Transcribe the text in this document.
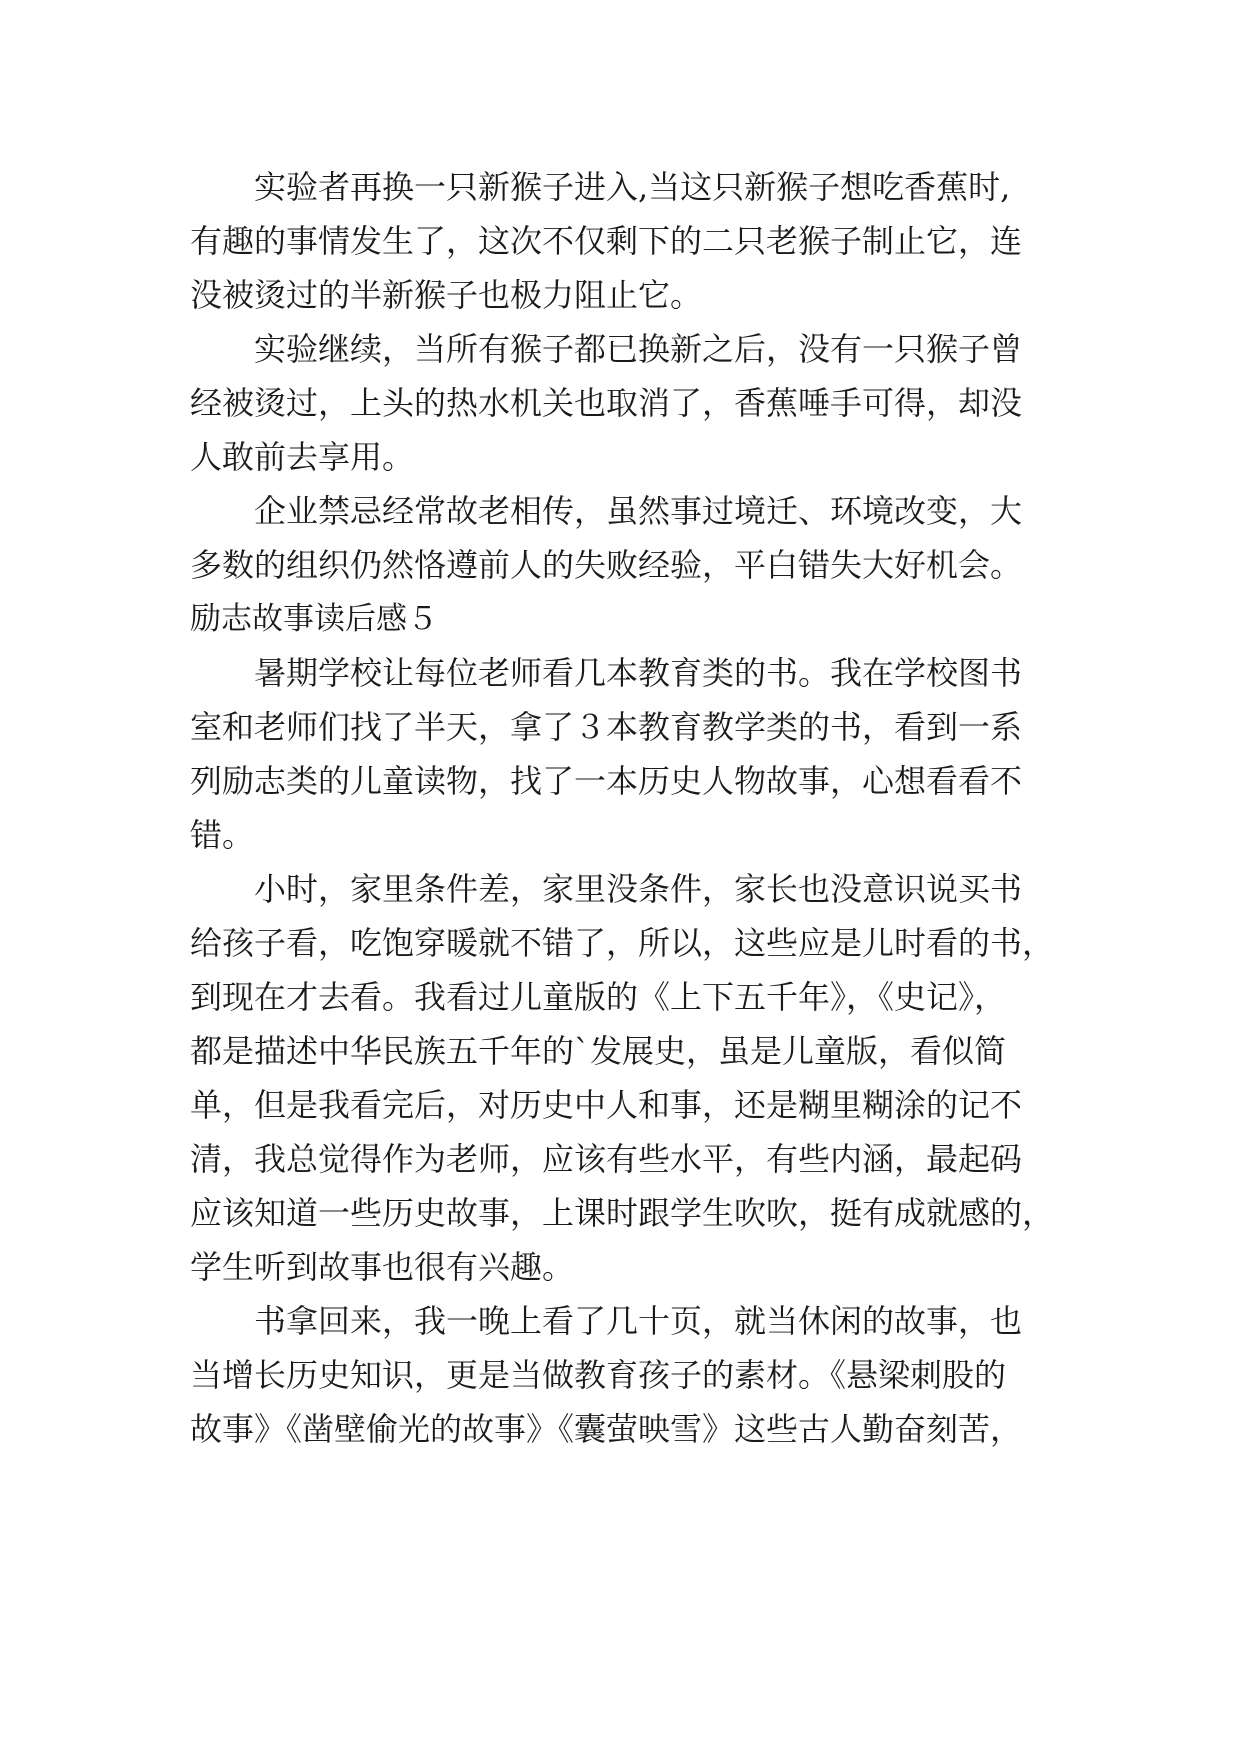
实验者再换一只新猴子进入,当这只新猴子想吃香蕉时,
有趣的事情发生了，这次不仅剩下的二只老猴子制止它，连
没被烫过的半新猴子也极力阻止它。
实验继续，当所有猴子都已换新之后，没有一只猴子曾
经被烫过，上头的热水机关也取消了，香蕉唾手可得，却没
人敢前去享用。
企业禁忌经常故老相传，虽然事过境迁、环境改变，大
多数的组织仍然恪遵前人的失败经验，平白错失大好机会。
励志故事读后感５
暑期学校让每位老师看几本教育类的书。我在学校图书
室和老师们找了半天，拿了３本教育教学类的书，看到一系
列励志类的儿童读物，找了一本历史人物故事，心想看看不
错。
小时，家里条件差，家里没条件，家长也没意识说买书
给孩子看，吃饱穿暖就不错了，所以，这些应是儿时看的书，
到现在才去看。我看过儿童版的《上下五千年》，《史记》，
都是描述中华民族五千年的`发展史，虽是儿童版，看似简
单，但是我看完后，对历史中人和事，还是糊里糊涂的记不
清，我总觉得作为老师，应该有些水平，有些内涵，最起码
应该知道一些历史故事，上课时跟学生吹吹，挺有成就感的，
学生听到故事也很有兴趣。
书拿回来，我一晚上看了几十页，就当休闲的故事，也
当增长历史知识，更是当做教育孩子的素材。《悬梁刺股的
故事》《凿壁偷光的故事》《囊萤映雪》这些古人勤奋刻苦，
